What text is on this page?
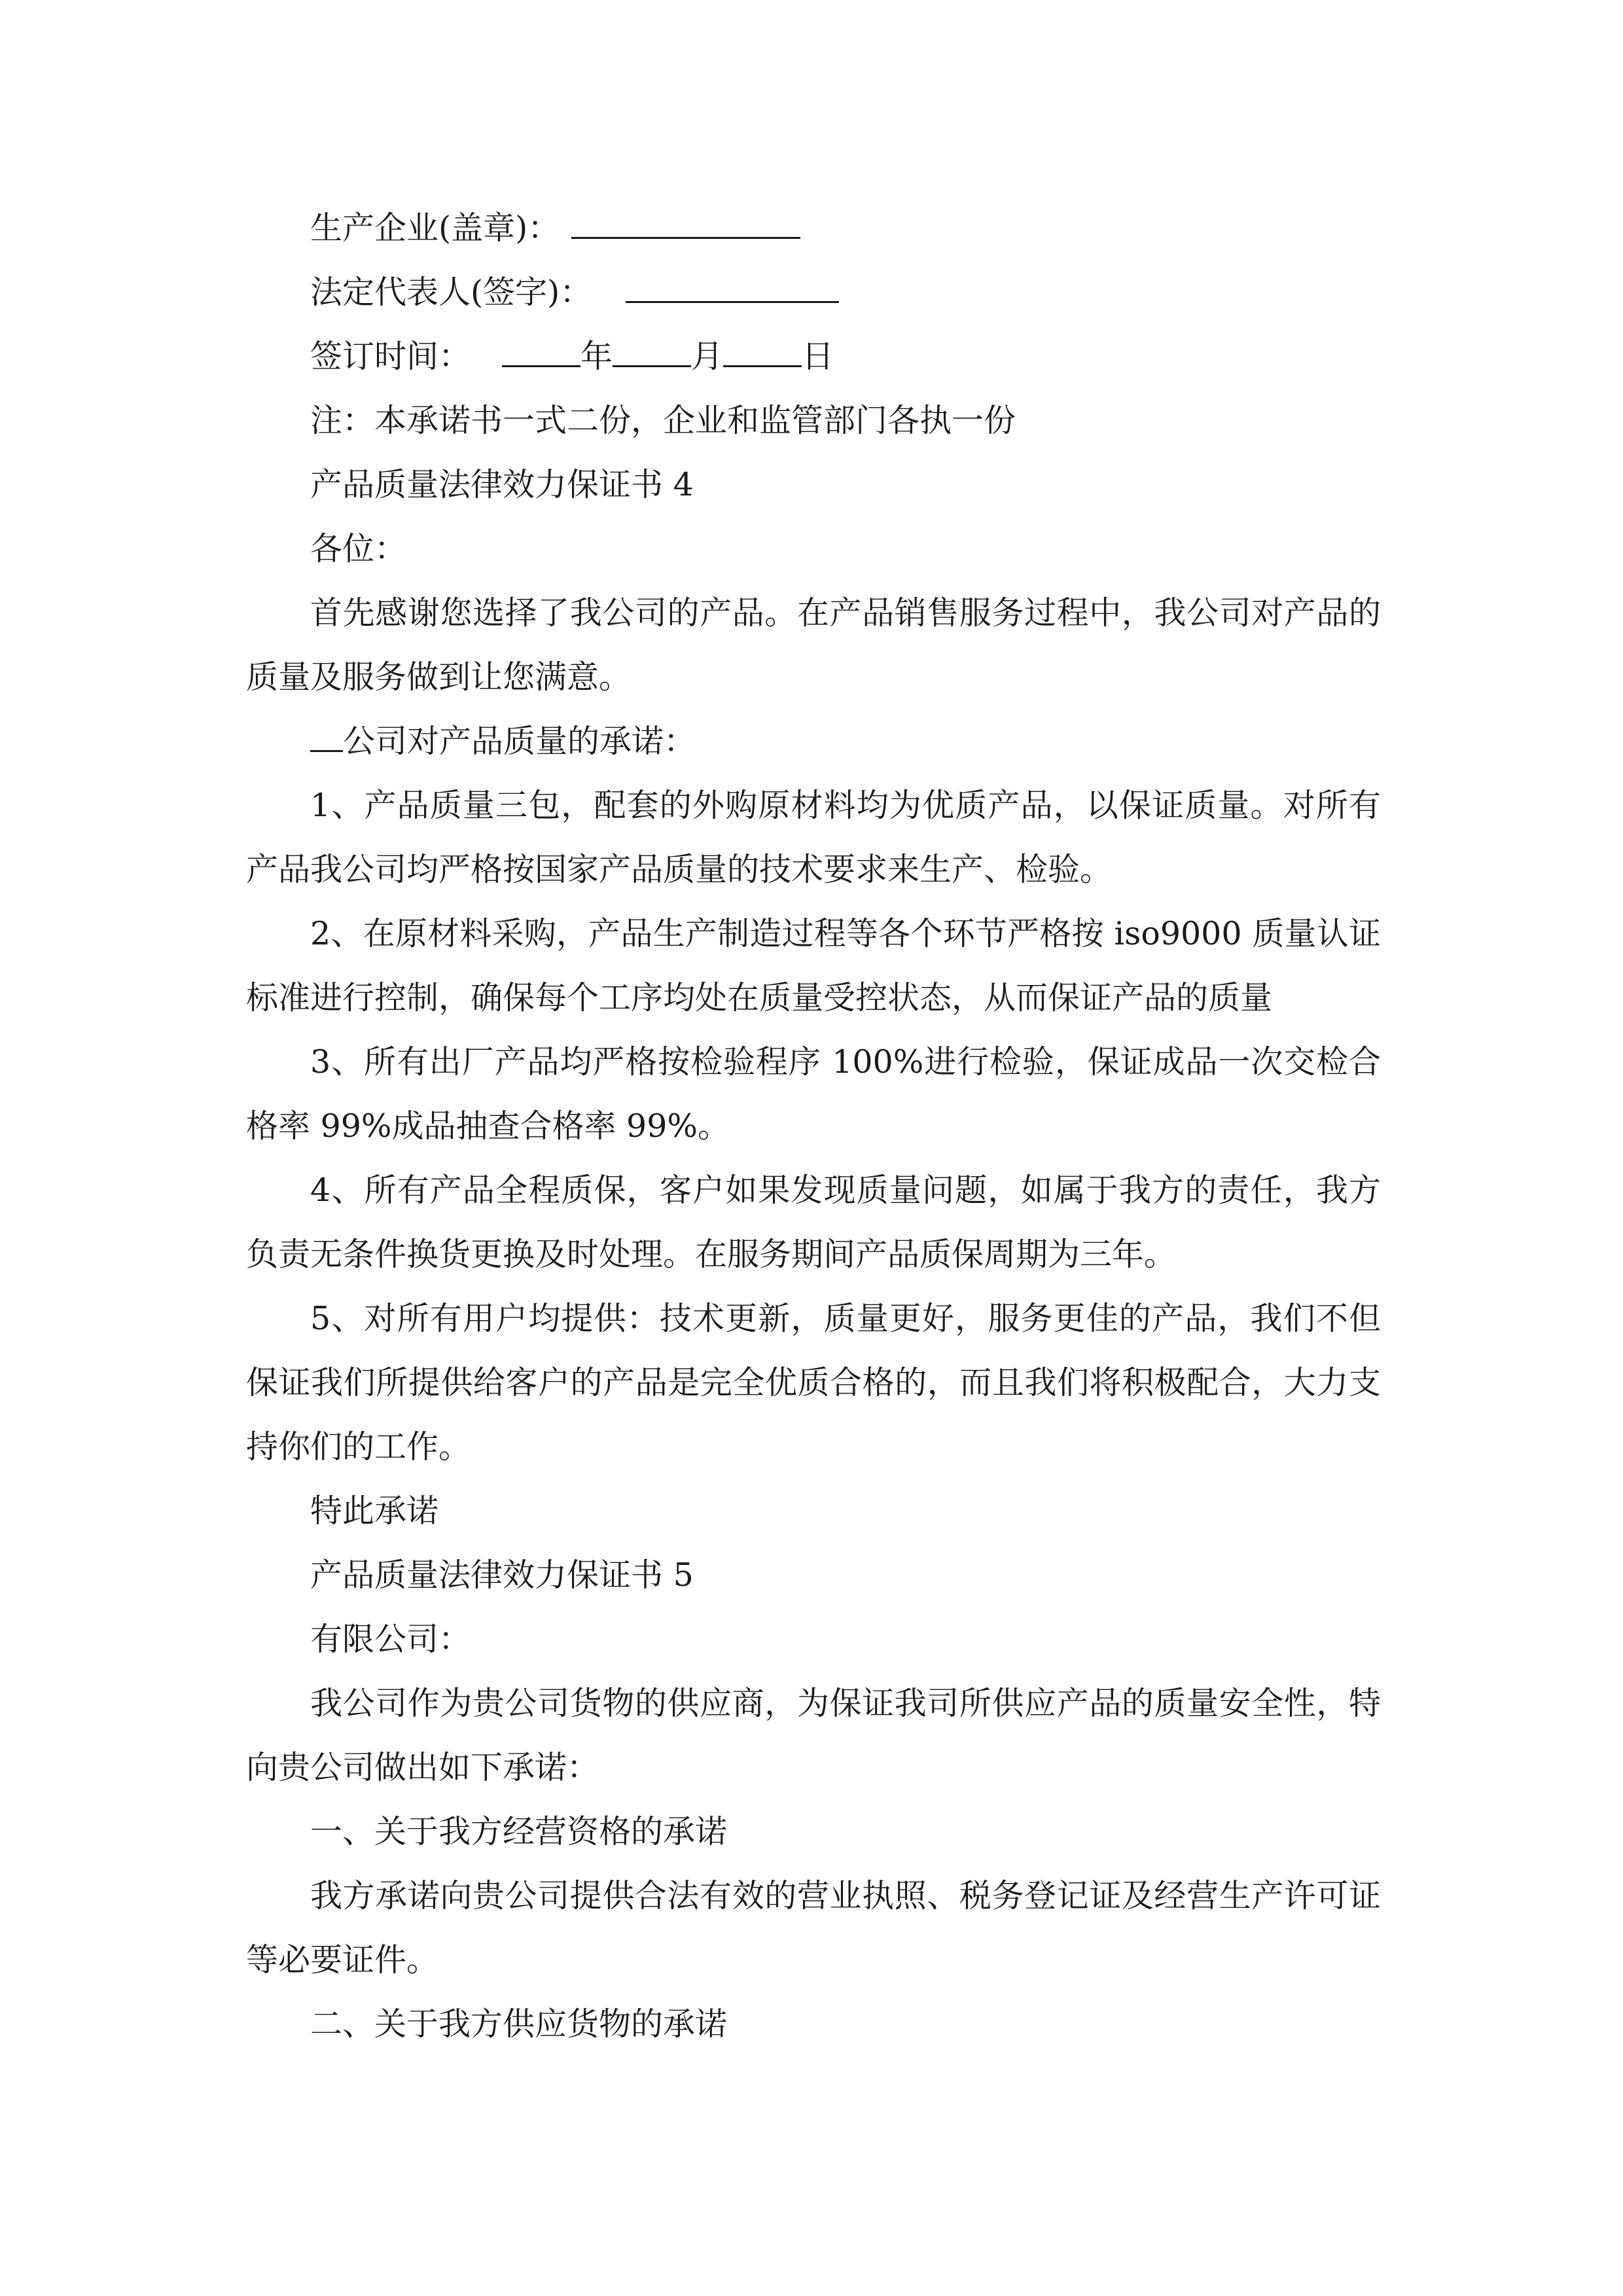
生产企业(盖章)：

法定代表人(签字)：

签订时间：	年 月 日

注：本承诺书一式二份，企业和监管部门各执一份

产品质量法律效力保证书 4

各位：

首先感谢您选择了我公司的产品。在产品销售服务过程中，我公司对产品的质量及服务做到让您满意。

公司对产品质量的承诺：

1、产品质量三包，配套的外购原材料均为优质产品，以保证质量。对所有产品我公司均严格按国家产品质量的技术要求来生产、检验。

2、在原材料采购，产品生产制造过程等各个环节严格按 iso9000 质量认证标准进行控制，确保每个工序均处在质量受控状态，从而保证产品的质量

3、所有出厂产品均严格按检验程序 100%进行检验，保证成品一次交检合格率 99%成品抽查合格率 99%。

4、所有产品全程质保，客户如果发现质量问题，如属于我方的责任，我方负责无条件换货更换及时处理。在服务期间产品质保周期为三年。

5、对所有用户均提供：技术更新，质量更好，服务更佳的产品，我们不但保证我们所提供给客户的产品是完全优质合格的，而且我们将积极配合，大力支持你们的工作。

特此承诺

产品质量法律效力保证书 5

有限公司：

我公司作为贵公司货物的供应商，为保证我司所供应产品的质量安全性，特向贵公司做出如下承诺：

一、关于我方经营资格的承诺

我方承诺向贵公司提供合法有效的营业执照、税务登记证及经营生产许可证等必要证件。

二、关于我方供应货物的承诺
